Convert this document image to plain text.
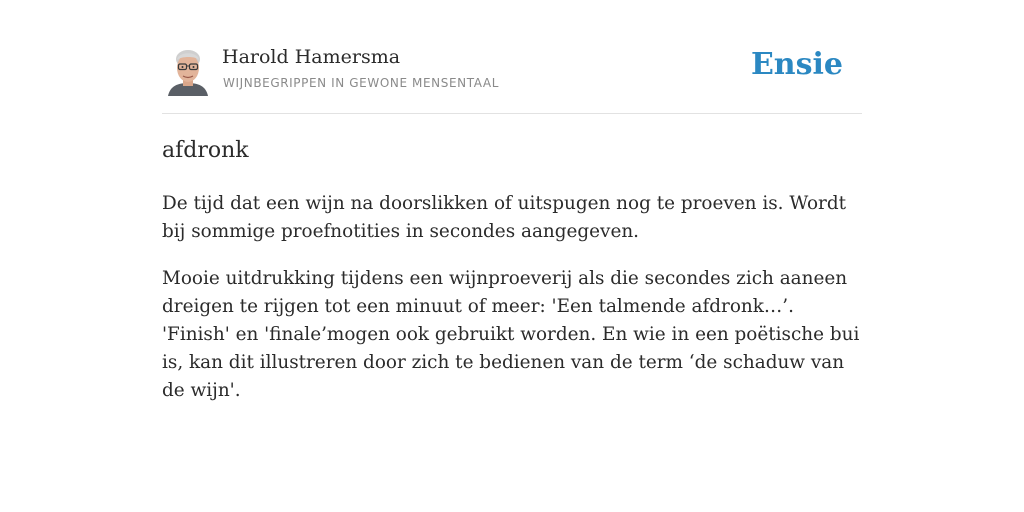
Harold Hamersma
WIJNBEGRIPPEN IN GEWONE MENSENTAAL
Ensie
afdronk

De tijd dat een wijn na doorslikken of uitspugen nog te proeven is. Wordt bij sommige proefnotities in secondes aangegeven.

Mooie uitdrukking tijdens een wijnproeverij als die secondes zich aaneen dreigen te rijgen tot een minuut of meer: 'Een talmende afdronk…’. 'Finish' en 'finale’mogen ook gebruikt worden. En wie in een poëtische bui is, kan dit illustreren door zich te bedienen van de term ‘de schaduw van de wijn'.
